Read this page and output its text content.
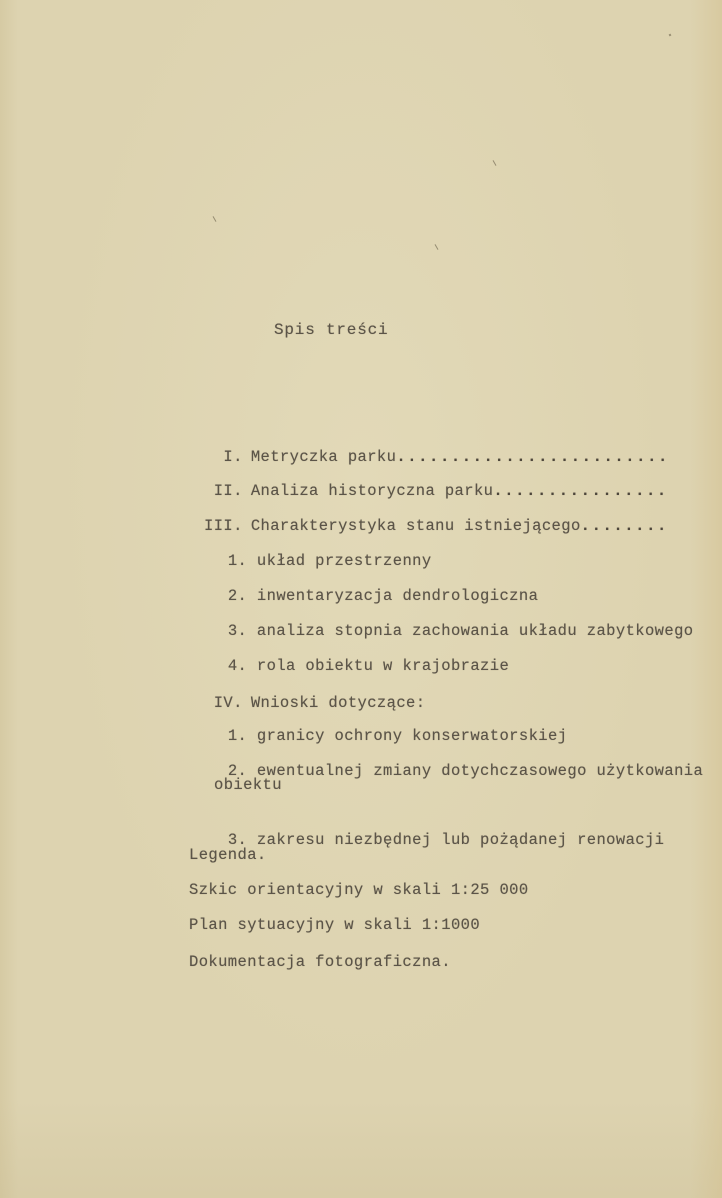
Spis treści

I. Metryczka parku.........................

II. Analiza historyczna parku................

III. Charakterystyka stanu istniejącego........

1. układ przestrzenny

2. inwentaryzacja dendrologiczna

3. analiza stopnia zachowania układu zabytkowego

4. rola obiektu w krajobrazie

IV. Wnioski dotyczące:

1. granicy ochrony konserwatorskiej

2. ewentualnej zmiany dotychczasowego użytkowania

obiektu

3. zakresu niezbędnej lub pożądanej renowacji

Legenda.
Szkic orientacyjny w skali 1:25 000
Plan sytuacyjny w skali 1:1000
Dokumentacja fotograficzna.
